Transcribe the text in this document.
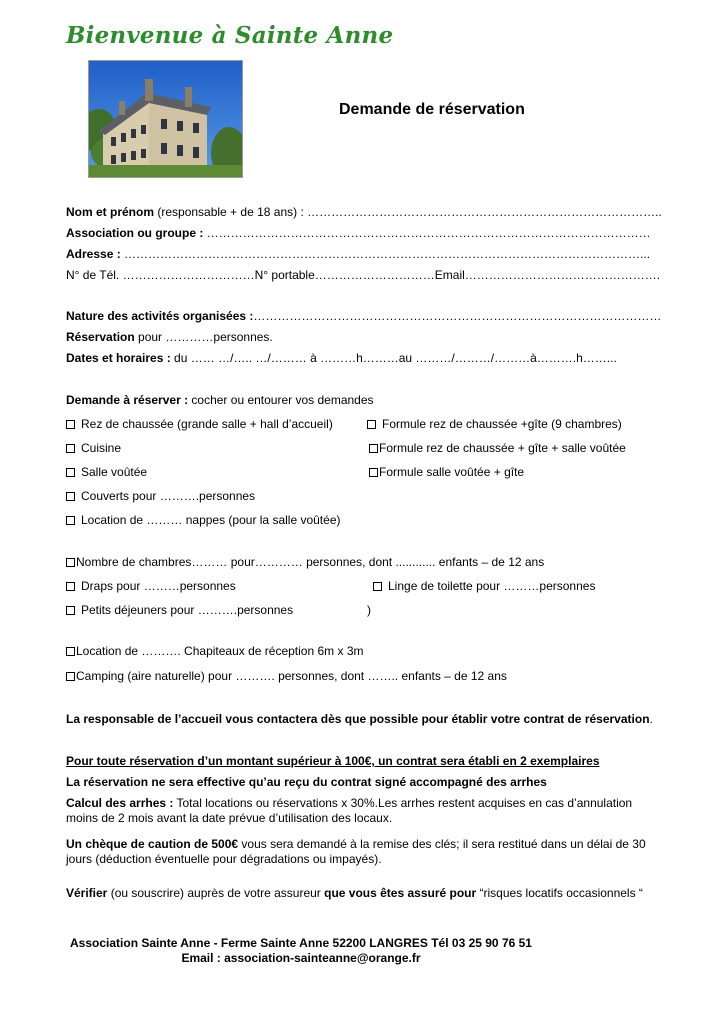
Bienvenue à Sainte Anne
Demande de réservation
Nom et prénom (responsable + de 18 ans) : ……………………………………………………………………………..
Association ou groupe : …………………………………………………………………………………………………
Adresse : …………………………………………………………………………………………………………………...
N° de Tél. ……………………………N° portable…………………………Email………………………………………….
Nature des activités organisées :…………………………………………………………………………………………
Réservation pour …………personnes.
Dates et horaires : du …… …/….. …/……… à ………h………au ………/………/………à……….h……...
Demande à réserver : cocher ou entourer vos demandes
Rez de chaussée (grande salle + hall d’accueil)
Cuisine
Salle voûtée
Couverts pour ……….personnes
Location de ……… nappes (pour la salle voûtée)
Formule rez de chaussée +gîte (9 chambres)
Formule rez de chaussée + gîte + salle voûtée
Formule salle voûtée + gîte
Nombre de chambres……… pour………… personnes, dont ............ enfants – de 12 ans
Draps pour ………personnes	Linge de toilette pour ………personnes
Petits déjeuners pour ……….personnes	)
Location de ………. Chapiteaux de réception 6m x 3m
Camping (aire naturelle) pour ………. personnes, dont …….. enfants – de 12 ans
La responsable de l’accueil vous contactera dès que possible pour établir votre contrat de réservation.
Pour toute réservation d’un montant supérieur à 100€, un contrat sera établi en 2 exemplaires
La réservation ne sera effective qu’au reçu du contrat signé accompagné des arrhes
Calcul des arrhes : Total locations ou réservations x 30%.Les arrhes restent acquises en cas d’annulation moins de 2 mois avant la date prévue d’utilisation des locaux.
Un chèque de caution de 500€ vous sera demandé à la remise des clés; il sera restitué dans un délai de 30 jours (déduction éventuelle pour dégradations ou impayés).
Vérifier (ou souscrire) auprès de votre assureur que vous êtes assuré pour “risques locatifs occasionnels “
Association Sainte Anne - Ferme Sainte Anne 52200 LANGRES Tél 03 25 90 76 51
Email : association-sainteanne@orange.fr
